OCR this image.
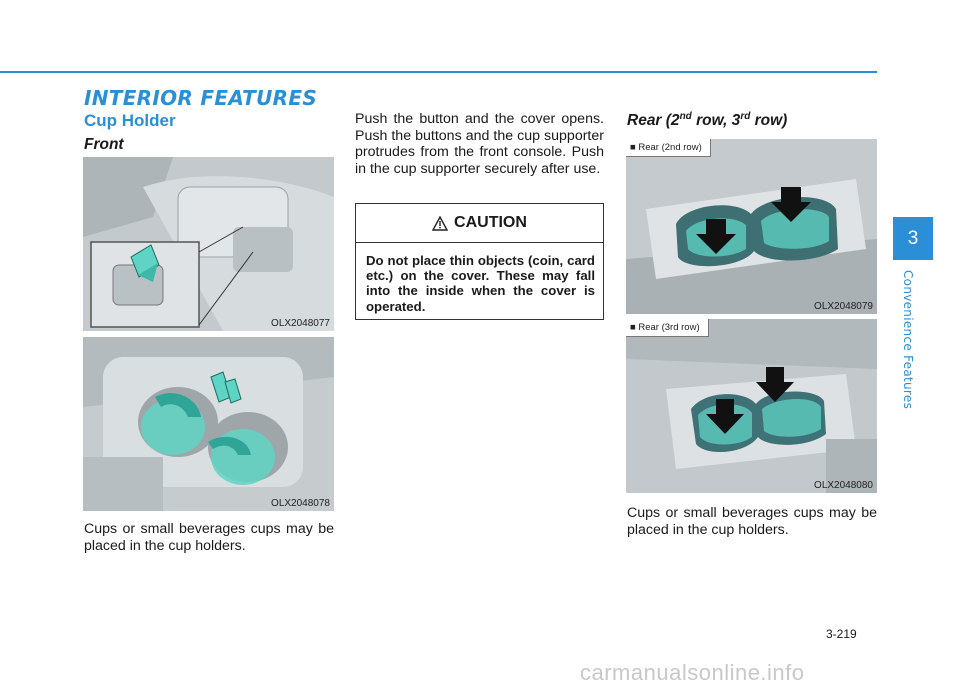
INTERIOR FEATURES
Cup Holder
Front
OLX2048077
OLX2048078

Cups or small beverages cups may be placed in the cup holders.

Push the button and the cover opens. Push the buttons and the cup supporter protrudes from the front console. Push in the cup supporter securely after use.

CAUTION

Do not place thin objects (coin, card etc.) on the cover. These may fall into the inside when the cover is operated.

Rear (2nd row, 3rd row)
■ Rear (2nd row)
OLX2048079
■ Rear (3rd row)
OLX2048080

Cups or small beverages cups may be placed in the cup holders.

3
Convenience Features
3-219
carmanualsonline.info
